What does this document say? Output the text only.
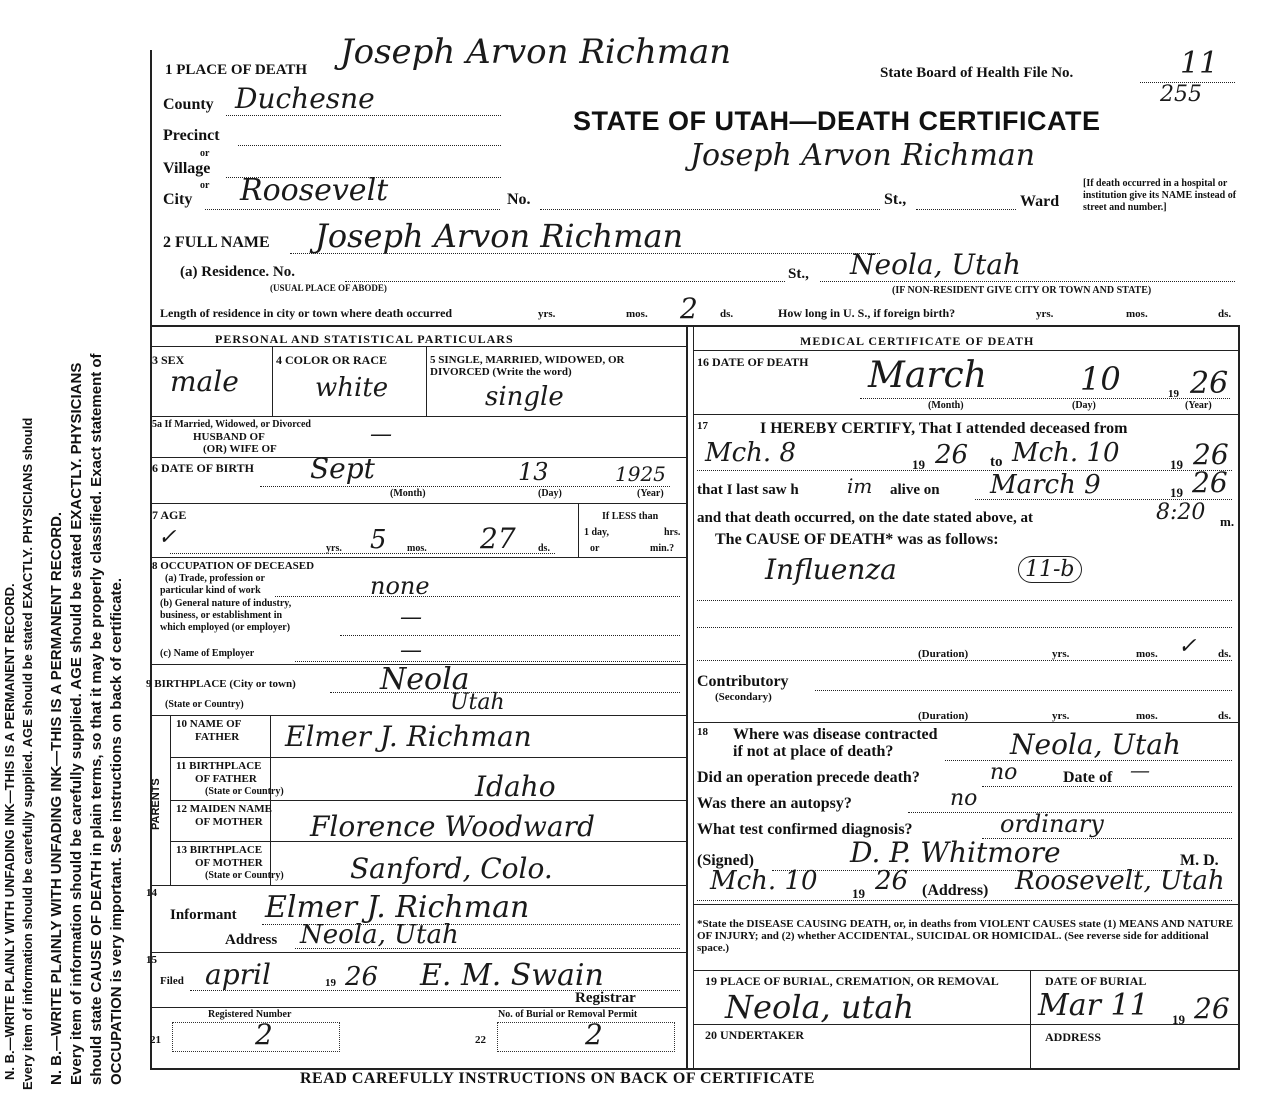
N. B.—WRITE PLAINLY WITH UNFADING INK—THIS IS A PERMANENT RECORD. Every item of information should be carefully supplied. AGE should be stated EXACTLY. PHYSICIANS should N. B.—WRITE PLAINLY WITH UNFADING INK—THIS IS A PERMANENT RECORD. Every item of information should be carefully supplied. AGE should be stated EXACTLY. PHYSICIANS should state CAUSE OF DEATH in plain terms, so that it may be properly classified. Exact statement of OCCUPATION is very important. See instructions on back of certificate.
Joseph Arvon Richman
1 PLACE OF DEATH	State Board of Health File No.	11
255
STATE OF UTAH—DEATH CERTIFICATE
Joseph Arvon Richman
County Duchesne
Precinct
or
Village
or
City Roosevelt	No.	St.,	Ward
[If death occurred in a hospital or institution give its NAME instead of street and number.]
2 FULL NAME Joseph Arvon Richman
(a) Residence. No.
(USUAL PLACE OF ABODE)
St., Neola, Utah
(IF NON-RESIDENT GIVE CITY OR TOWN AND STATE)
Length of residence in city or town where death occurred	yrs.	mos. 2 ds.	How long in U. S., if foreign birth?	yrs.	mos.	ds.
PERSONAL AND STATISTICAL PARTICULARS	MEDICAL CERTIFICATE OF DEATH
3 SEX
male
4 COLOR OR RACE
white
5 SINGLE, MARRIED, WIDOWED, OR DIVORCED (Write the word)
single
5a If Married, Widowed, or Divorced
HUSBAND OF
(OR) WIFE OF
—
6 DATE OF BIRTH Sept	13	1925
(Month)	(Day)	(Year)
7 AGE
✓	yrs. 5 mos. 27 ds.
If LESS than
1 day,	hrs.
or	min.?
8 OCCUPATION OF DECEASED
(a) Trade, profession or
particular kind of work	none
(b) General nature of industry,
business, or establishment in
which employed (or employer)	—
(c) Name of Employer	—
9 BIRTHPLACE (City or town)	Neola
(State or Country)	Utah
PARENTS
10 NAME OF
FATHER Elmer J. Richman
11 BIRTHPLACE
OF FATHER
(State or Country)	Idaho
12 MAIDEN NAME
OF MOTHER Florence Woodward
13 BIRTHPLACE
OF MOTHER
(State or Country) Sanford, Colo.
14
Informant Elmer J. Richman
Address Neola, Utah
15
Filed april	19 26 E. M. Swain
Registrar
21
Registered Number
2	22
No. of Burial or Removal Permit
2
16 DATE OF DEATH March	10	19 26
(Month)	(Day)	(Year)
17	I HEREBY CERTIFY, That I attended deceased from
Mch. 8	19 26 to Mch. 10	19 26
that I last saw h im alive on March 9	19 26
and that death occurred, on the date stated above, at	8:20 m.
The CAUSE OF DEATH* was as follows:
Influenza	11-b
(Duration)	yrs.	mos. ✓ ds.
Contributory
(Secondary)
(Duration)	yrs.	mos.	ds.
18 Where was disease contracted
if not at place of death?	Neola, Utah
Did an operation precede death?	no	Date of —
Was there an autopsy?	no
What test confirmed diagnosis?	ordinary
(Signed)	D. P. Whitmore	M. D.
Mch. 10	19 26 (Address) Roosevelt, Utah
*State the DISEASE CAUSING DEATH, or, in deaths from VIOLENT CAUSES state (1) MEANS AND NATURE OF INJURY; and (2) whether ACCIDENTAL, SUICIDAL OR HOMICIDAL. (See reverse side for additional space.)
19 PLACE OF BURIAL, CREMATION, OR REMOVAL
Neola, utah
DATE OF BURIAL
Mar 11 19 26
20 UNDERTAKER	ADDRESS
READ CAREFULLY INSTRUCTIONS ON BACK OF CERTIFICATE
